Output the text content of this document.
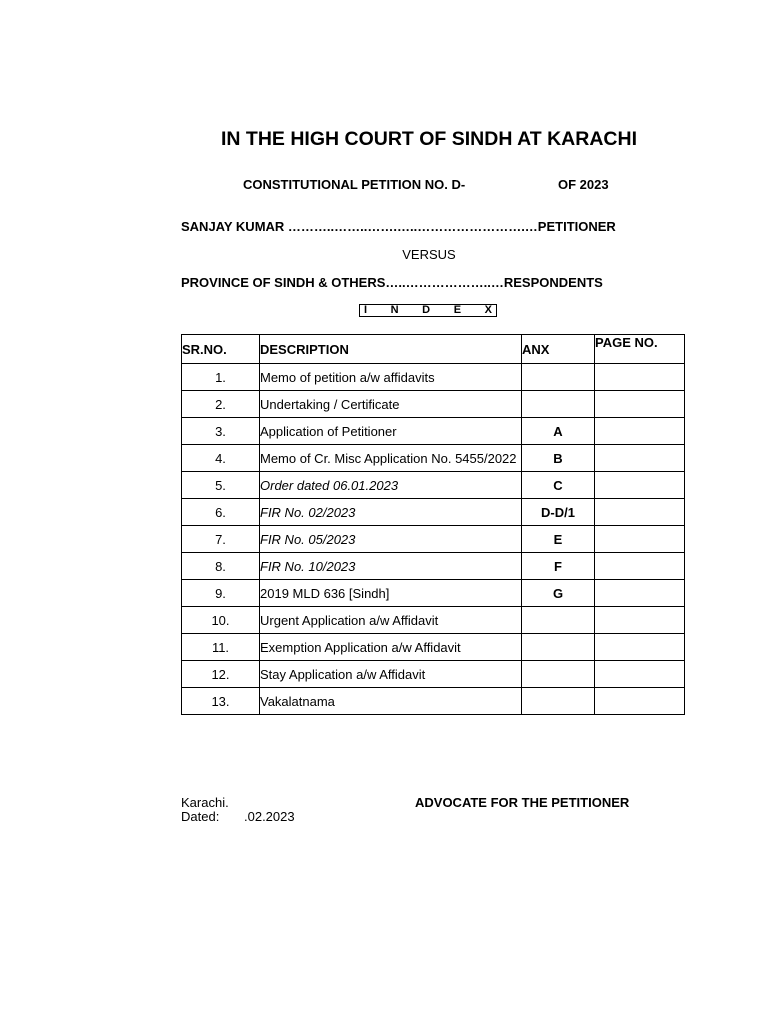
IN THE HIGH COURT OF SINDH AT KARACHI
CONSTITUTIONAL PETITION NO. D-	OF 2023
SANJAY KUMAR ………..……..…….…..…………………….…PETITIONER
VERSUS
PROVINCE OF SINDH & OTHERS…..………………..…RESPONDENTS
I N D E X
SR.NO.	DESCRIPTION	ANX	PAGE NO.
1.	Memo of petition a/w affidavits		
2.	Undertaking / Certificate		
3.	Application of Petitioner	A	
4.	Memo of Cr. Misc Application No. 5455/2022	B	
5.	Order dated 06.01.2023	C	
6.	FIR No. 02/2023	D-D/1	
7.	FIR No. 05/2023	E	
8.	FIR No. 10/2023	F	
9.	2019 MLD 636 [Sindh]	G	
10.	Urgent Application a/w Affidavit		
11.	Exemption Application a/w Affidavit		
12.	Stay Application a/w Affidavit		
13.	Vakalatnama		
Karachi.
Dated: .02.2023
ADVOCATE FOR THE PETITIONER
